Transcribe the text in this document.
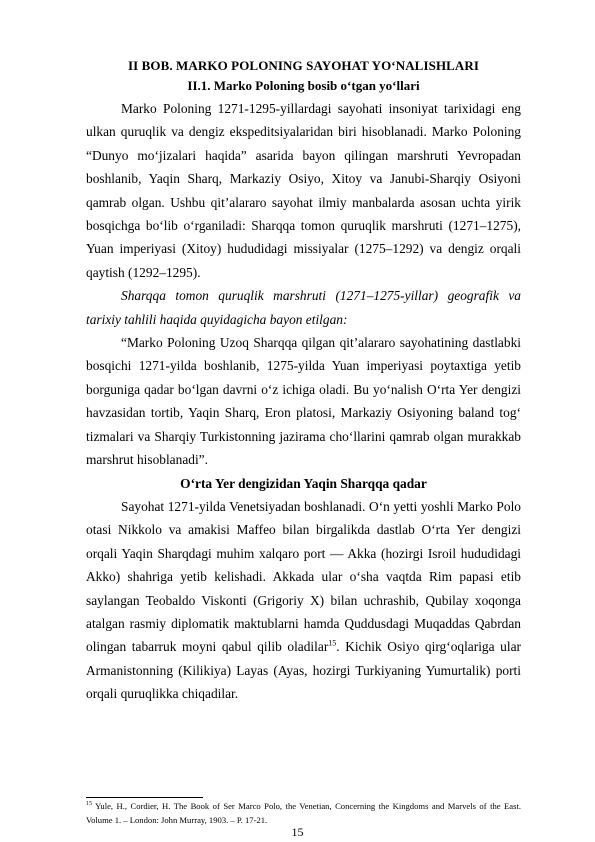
II BOB. MARKO POLONING SAYOHAT YO‘NALISHLARI

II.1. Marko Poloning bosib o‘tgan yo‘llari

Marko Poloning 1271-1295-yillardagi sayohati insoniyat tarixidagi eng ulkan quruqlik va dengiz ekspeditsiyalaridan biri hisoblanadi. Marko Poloning “Dunyo mo‘jizalari haqida” asarida bayon qilingan marshruti Yevropadan boshlanib, Yaqin Sharq, Markaziy Osiyo, Xitoy va Janubi-Sharqiy Osiyoni qamrab olgan. Ushbu qit’alararo sayohat ilmiy manbalarda asosan uchta yirik bosqichga bo‘lib o‘rganiladi: Sharqqa tomon quruqlik marshruti (1271–1275), Yuan imperiyasi (Xitoy) hududidagi missiyalar (1275–1292) va dengiz orqali qaytish (1292–1295).

Sharqqa tomon quruqlik marshruti (1271–1275-yillar) geografik va tarixiy tahlili haqida quyidagicha bayon etilgan:

“Marko Poloning Uzoq Sharqqa qilgan qit’alararo sayohatining dastlabki bosqichi 1271-yilda boshlanib, 1275-yilda Yuan imperiyasi poytaxtiga yetib borguniga qadar bo‘lgan davrni o‘z ichiga oladi. Bu yo‘nalish O‘rta Yer dengizi havzasidan tortib, Yaqin Sharq, Eron platosi, Markaziy Osiyoning baland tog‘ tizmalari va Sharqiy Turkistonning jazirama cho‘llarini qamrab olgan murakkab marshrut hisoblanadi”.

O‘rta Yer dengizidan Yaqin Sharqqa qadar

Sayohat 1271-yilda Venetsiyadan boshlanadi. O‘n yetti yoshli Marko Polo otasi Nikkolo va amakisi Maffeo bilan birgalikda dastlab O‘rta Yer dengizi orqali Yaqin Sharqdagi muhim xalqaro port — Akka (hozirgi Isroil hududidagi Akko) shahriga yetib kelishadi. Akkada ular o‘sha vaqtda Rim papasi etib saylangan Teobaldo Viskonti (Grigoriy X) bilan uchrashib, Qubilay xoqonga atalgan rasmiy diplomatik maktublarni hamda Quddusdagi Muqaddas Qabrdan olingan tabarruk moyni qabul qilib oladilar$^{15}$. Kichik Osiyo qirg‘oqlariga ular Armanistonning (Kilikiya) Layas (Ayas, hozirgi Turkiyaning Yumurtalik) porti orqali quruqlikka chiqadilar.

$^{15}$ Yule, H., Cordier, H. The Book of Ser Marco Polo, the Venetian, Concerning the Kingdoms and Marvels of the East. Volume 1. – London: John Murray, 1903. – P. 17-21.

15
